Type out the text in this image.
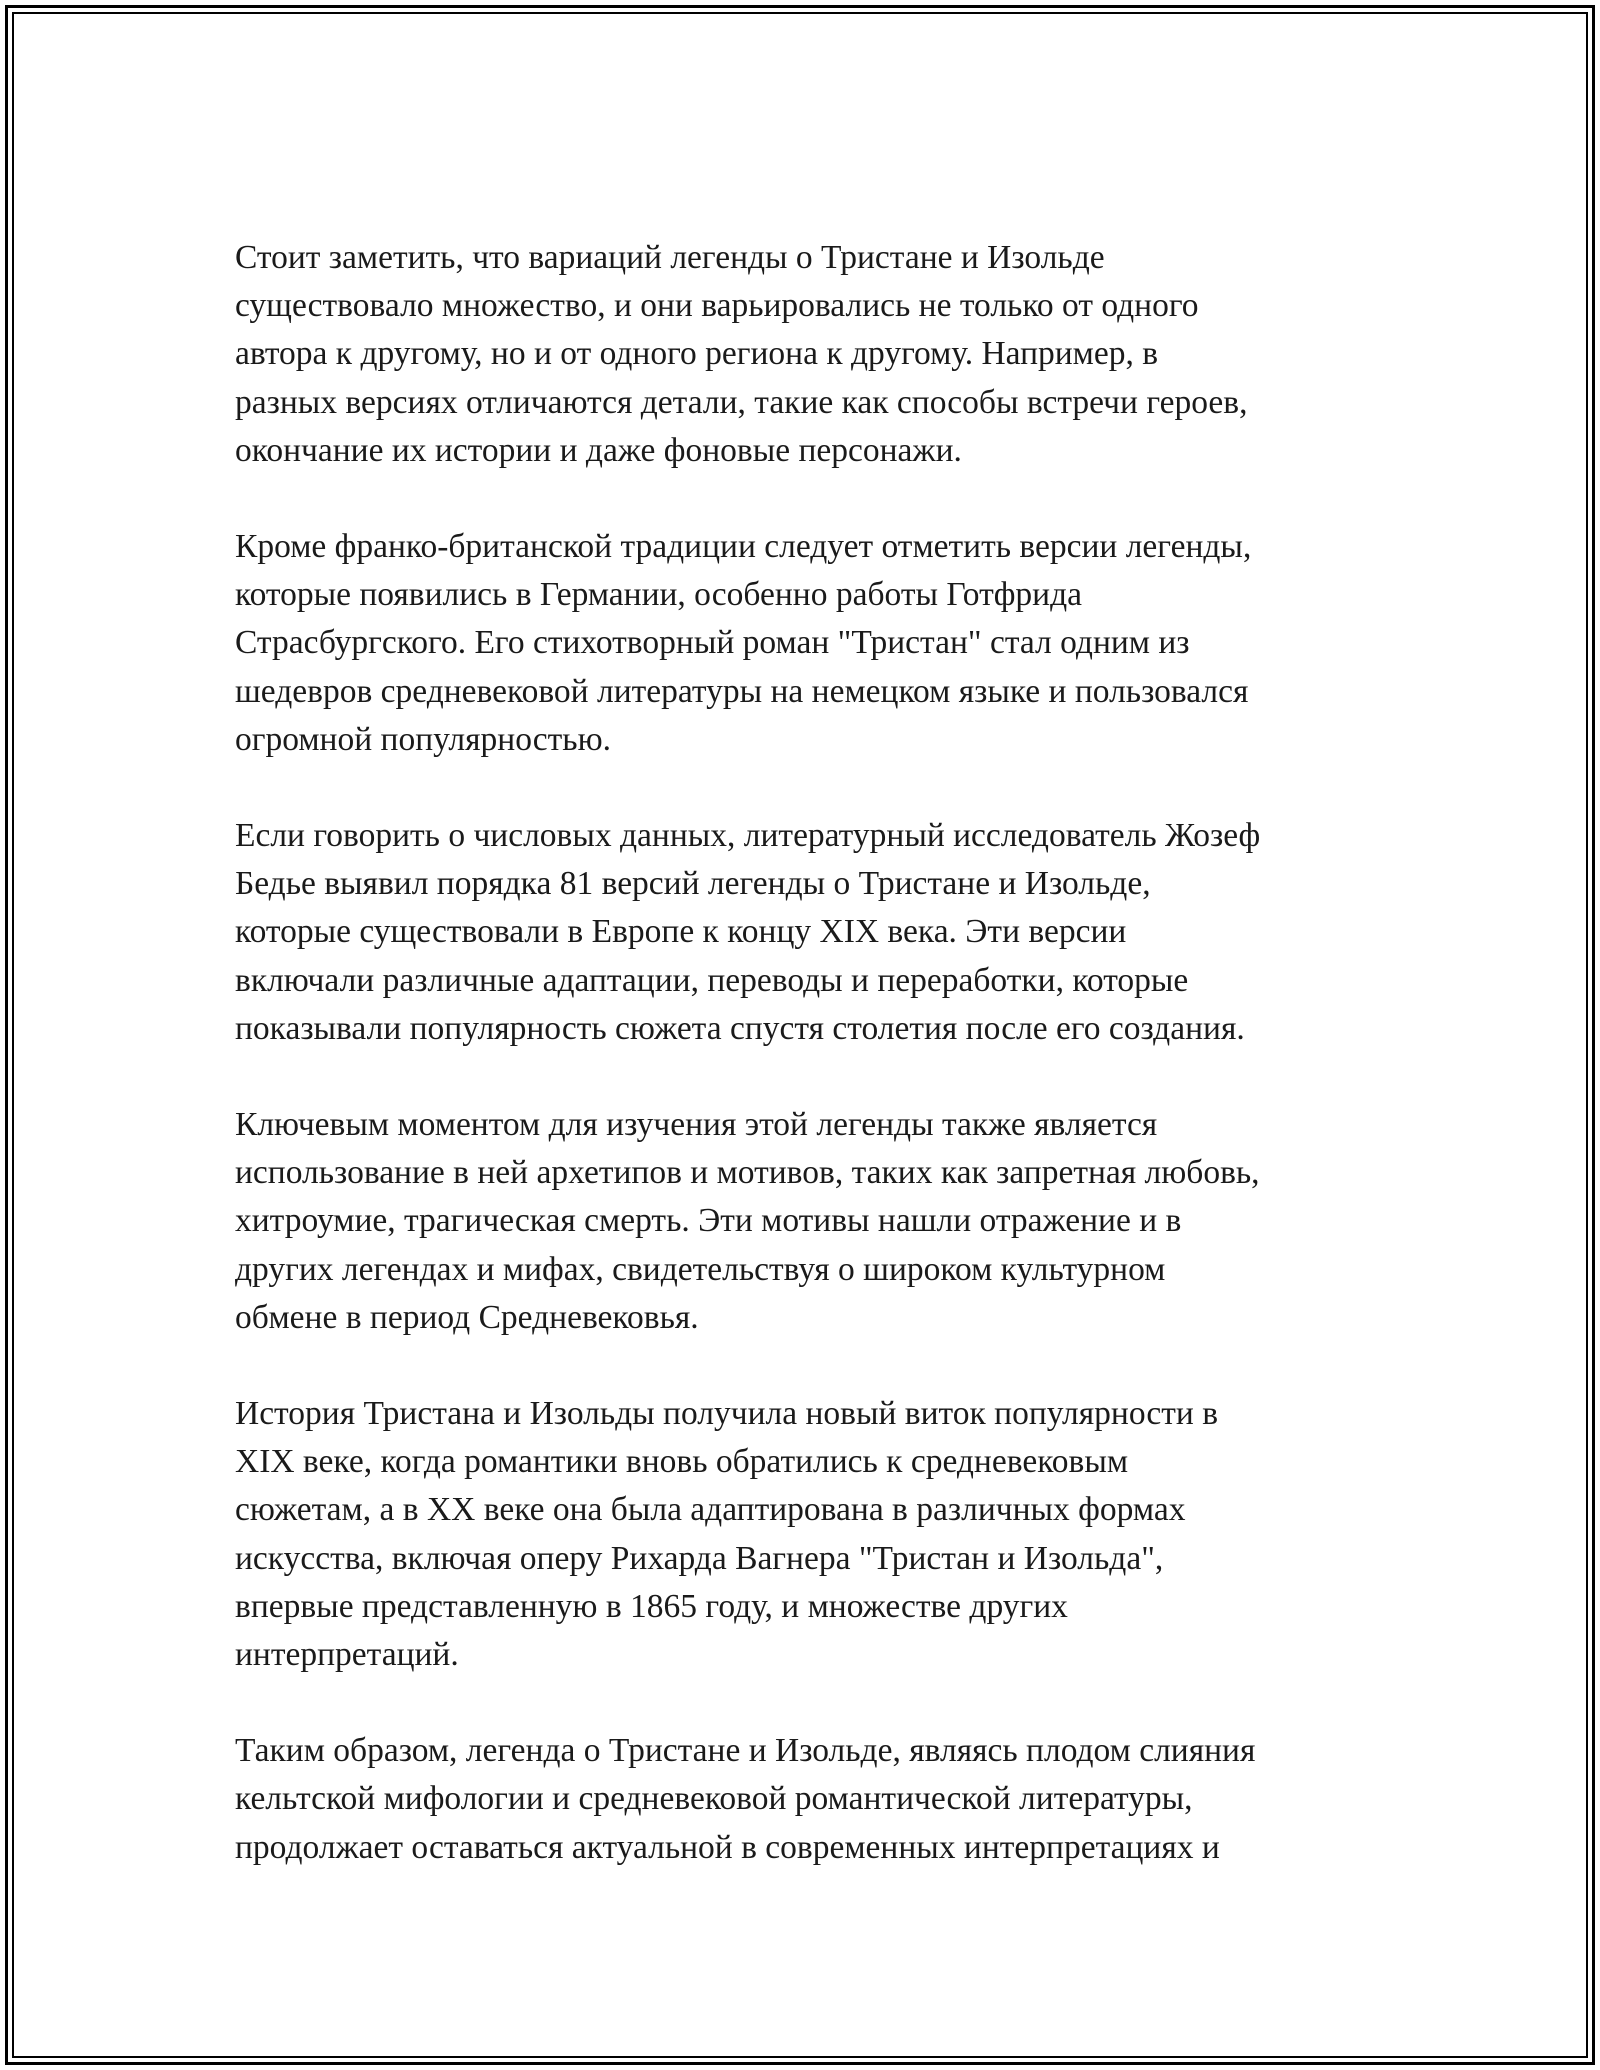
Стоит заметить, что вариаций легенды о Тристане и Изольде
существовало множество, и они варьировались не только от одного
автора к другому, но и от одного региона к другому. Например, в
разных версиях отличаются детали, такие как способы встречи героев,
окончание их истории и даже фоновые персонажи.

Кроме франко-британской традиции следует отметить версии легенды,
которые появились в Германии, особенно работы Готфрида
Страсбургского. Его стихотворный роман "Тристан" стал одним из
шедевров средневековой литературы на немецком языке и пользовался
огромной популярностью.

Если говорить о числовых данных, литературный исследователь Жозеф
Бедье выявил порядка 81 версий легенды о Тристане и Изольде,
которые существовали в Европе к концу XIX века. Эти версии
включали различные адаптации, переводы и переработки, которые
показывали популярность сюжета спустя столетия после его создания.

Ключевым моментом для изучения этой легенды также является
использование в ней архетипов и мотивов, таких как запретная любовь,
хитроумие, трагическая смерть. Эти мотивы нашли отражение и в
других легендах и мифах, свидетельствуя о широком культурном
обмене в период Средневековья.

История Тристана и Изольды получила новый виток популярности в
XIX веке, когда романтики вновь обратились к средневековым
сюжетам, а в XX веке она была адаптирована в различных формах
искусства, включая оперу Рихарда Вагнера "Тристан и Изольда",
впервые представленную в 1865 году, и множестве других
интерпретаций.

Таким образом, легенда о Тристане и Изольде, являясь плодом слияния
кельтской мифологии и средневековой романтической литературы,
продолжает оставаться актуальной в современных интерпретациях и
